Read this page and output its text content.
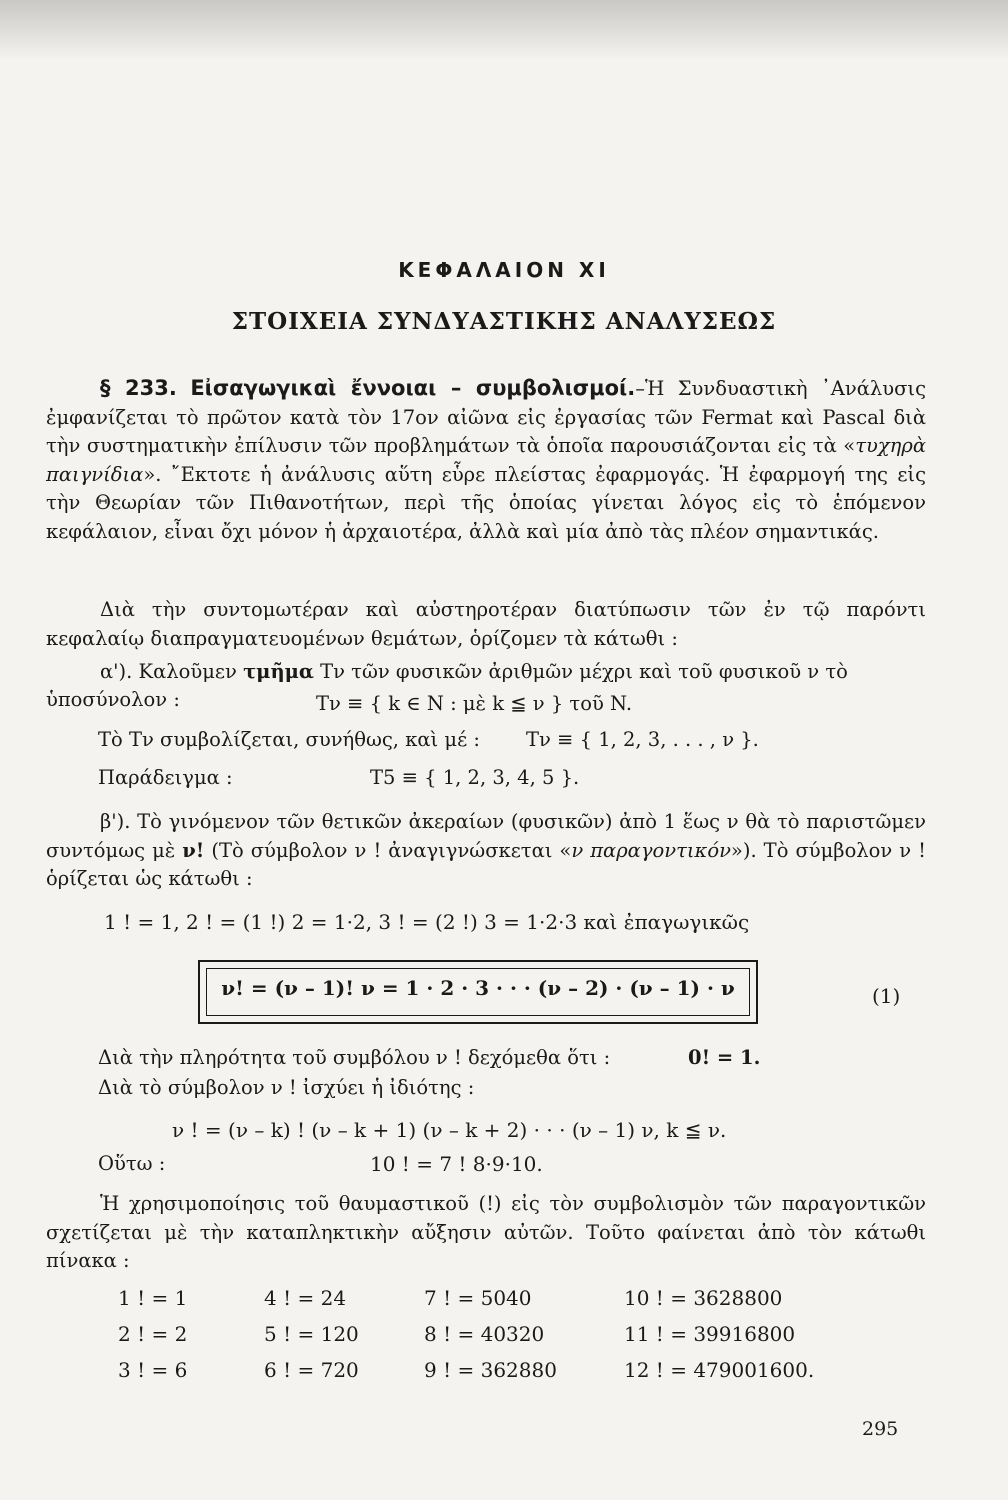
ΚΕΦΑΛΑΙΟΝ XI
ΣΤΟΙΧΕΙΑ ΣΥΝΔΥΑΣΤΙΚΗΣ ΑΝΑΛΥΣΕΩΣ
§ 233. Εἰσαγωγικαὶ ἔννοιαι – συμβολισμοί.–Ἡ Συνδυαστικὴ ᾿Ανάλυσις ἐμφανίζεται τὸ πρῶτον κατὰ τὸν 17ον αἰῶνα εἰς ἐργασίας τῶν Fermat καὶ Pascal διὰ τὴν συστηματικὴν ἐπίλυσιν τῶν προβλημάτων τὰ ὁποῖα παρουσιάζονται εἰς τὰ «τυχηρὰ παιγνίδια». ῎Εκτοτε ἡ ἀνάλυσις αὕτη εὗρε πλείστας ἐφαρμογάς. Ἡ ἐφαρμογή της εἰς τὴν Θεωρίαν τῶν Πιθανοτήτων, περὶ τῆς ὁποίας γίνεται λόγος εἰς τὸ ἑπόμενον κεφάλαιον, εἶναι ὄχι μόνον ἡ ἀρχαιοτέρα, ἀλλὰ καὶ μία ἀπὸ τὰς πλέον σημαντικάς.
Διὰ τὴν συντομωτέραν καὶ αὐστηροτέραν διατύπωσιν τῶν ἐν τῷ παρόντι κεφαλαίῳ διαπραγματευομένων θεμάτων, ὁρίζομεν τὰ κάτωθι :
α'). Καλοῦμεν τμῆμα Tν τῶν φυσικῶν ἀριθμῶν μέχρι καὶ τοῦ φυσικοῦ ν τὸ
ὑποσύνολον :	Tν ≡ { k ∈ N : μὲ k ≦ ν } τοῦ N.
Τὸ Tν συμβολίζεται, συνήθως, καὶ μέ : Tν ≡ { 1, 2, 3, . . . , ν }.
Παράδειγμα :	T5 ≡ { 1, 2, 3, 4, 5 }.
β'). Τὸ γινόμενον τῶν θετικῶν ἀκεραίων (φυσικῶν) ἀπὸ 1 ἕως ν θὰ τὸ παριστῶμεν συντόμως μὲ ν! (Τὸ σύμβολον ν ! ἀναγιγνώσκεται «ν παραγοντικόν»). Τὸ σύμβολον ν ! ὁρίζεται ὡς κάτωθι :
1 ! = 1, 2 ! = (1 !) 2 = 1·2, 3 ! = (2 !) 3 = 1·2·3 καὶ ἐπαγωγικῶς
ν! = (ν – 1)! ν = 1 · 2 · 3 · · · (ν – 2) · (ν – 1) · ν	(1)
Διὰ τὴν πληρότητα τοῦ συμβόλου ν ! δεχόμεθα ὅτι :	0! = 1.
Διὰ τὸ σύμβολον ν ! ἰσχύει ἡ ἰδιότης :
ν ! = (ν – k) ! (ν – k + 1) (ν – k + 2) · · · (ν – 1) ν, k ≦ ν.
Οὕτω :	10 ! = 7 ! 8·9·10.
Ἡ χρησιμοποίησις τοῦ θαυμαστικοῦ (!) εἰς τὸν συμβολισμὸν τῶν παραγοντικῶν σχετίζεται μὲ τὴν καταπληκτικὴν αὔξησιν αὐτῶν. Τοῦτο φαίνεται ἀπὸ τὸν κάτωθι πίνακα :
1 ! = 1	4 ! = 24	7 ! = 5040	10 ! = 3628800
2 ! = 2	5 ! = 120	8 ! = 40320	11 ! = 39916800
3 ! = 6	6 ! = 720	9 ! = 362880	12 ! = 479001600.
295
